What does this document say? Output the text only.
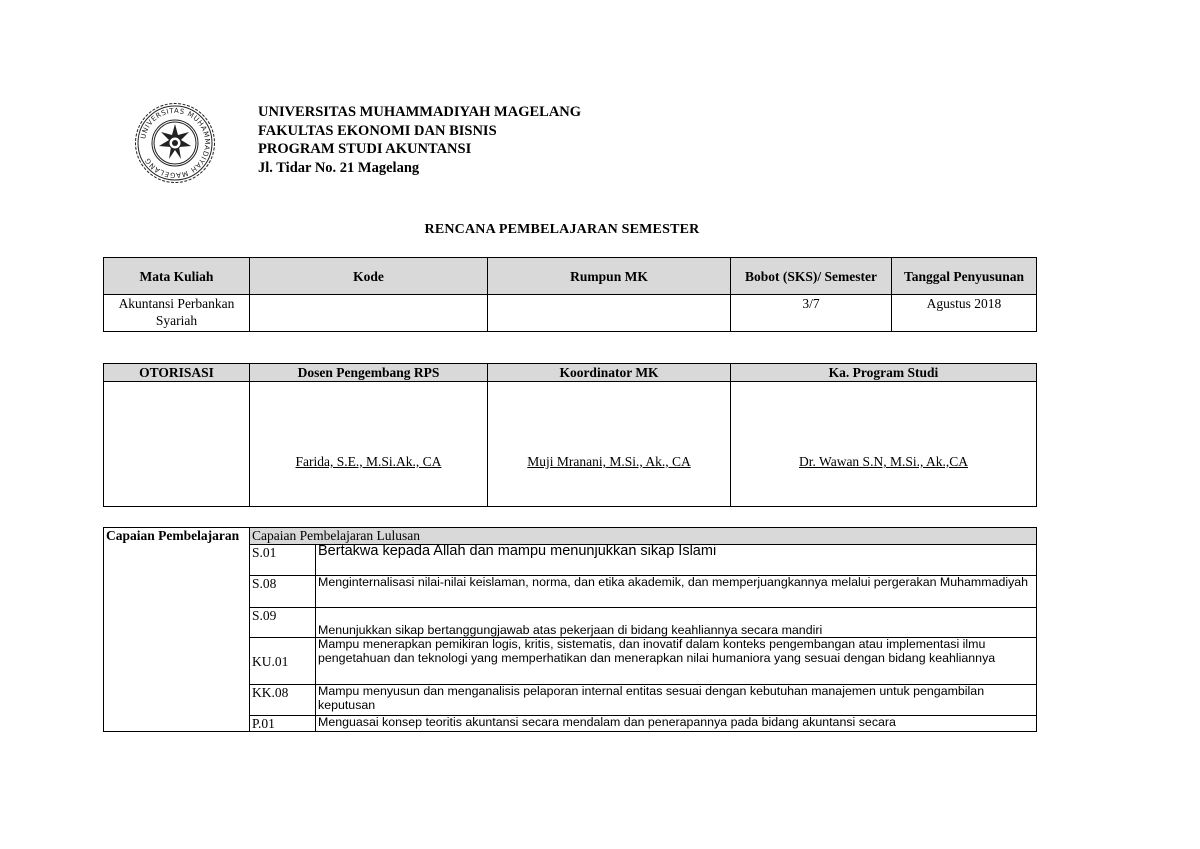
UNIVERSITAS MUHAMMADIYAH MAGELANG
UNIVERSITAS MUHAMMADIYAH MAGELANG
FAKULTAS EKONOMI DAN BISNIS
PROGRAM STUDI AKUNTANSI
Jl. Tidar No. 21 Magelang
RENCANA PEMBELAJARAN SEMESTER
Mata Kuliah	Kode	Rumpun MK	Bobot (SKS)/ Semester	Tanggal Penyusunan
Akuntansi Perbankan Syariah			3/7	Agustus 2018
OTORISASI	Dosen Pengembang RPS	Koordinator MK	Ka. Program Studi
	Farida, S.E., M.Si.Ak., CA	Muji Mranani, M.Si., Ak., CA	Dr. Wawan S.N, M.Si., Ak.,CA
Capaian Pembelajaran	Capaian Pembelajaran Lulusan	
	S.01	Bertakwa kepada Allah dan mampu menunjukkan sikap Islami
	S.08	Menginternalisasi nilai-nilai keislaman, norma, dan etika akademik, dan memperjuangkannya melalui pergerakan Muhammadiyah
	S.09	Menunjukkan sikap bertanggungjawab atas pekerjaan di bidang keahliannya secara mandiri
	KU.01	Mampu menerapkan pemikiran logis, kritis, sistematis, dan inovatif dalam konteks pengembangan atau implementasi ilmu pengetahuan dan teknologi yang memperhatikan dan menerapkan nilai humaniora yang sesuai dengan bidang keahliannya
	KK.08	Mampu menyusun dan menganalisis pelaporan internal entitas sesuai dengan kebutuhan manajemen untuk pengambilan keputusan
	P.01	Menguasai konsep teoritis akuntansi secara mendalam dan penerapannya pada bidang akuntansi secara
